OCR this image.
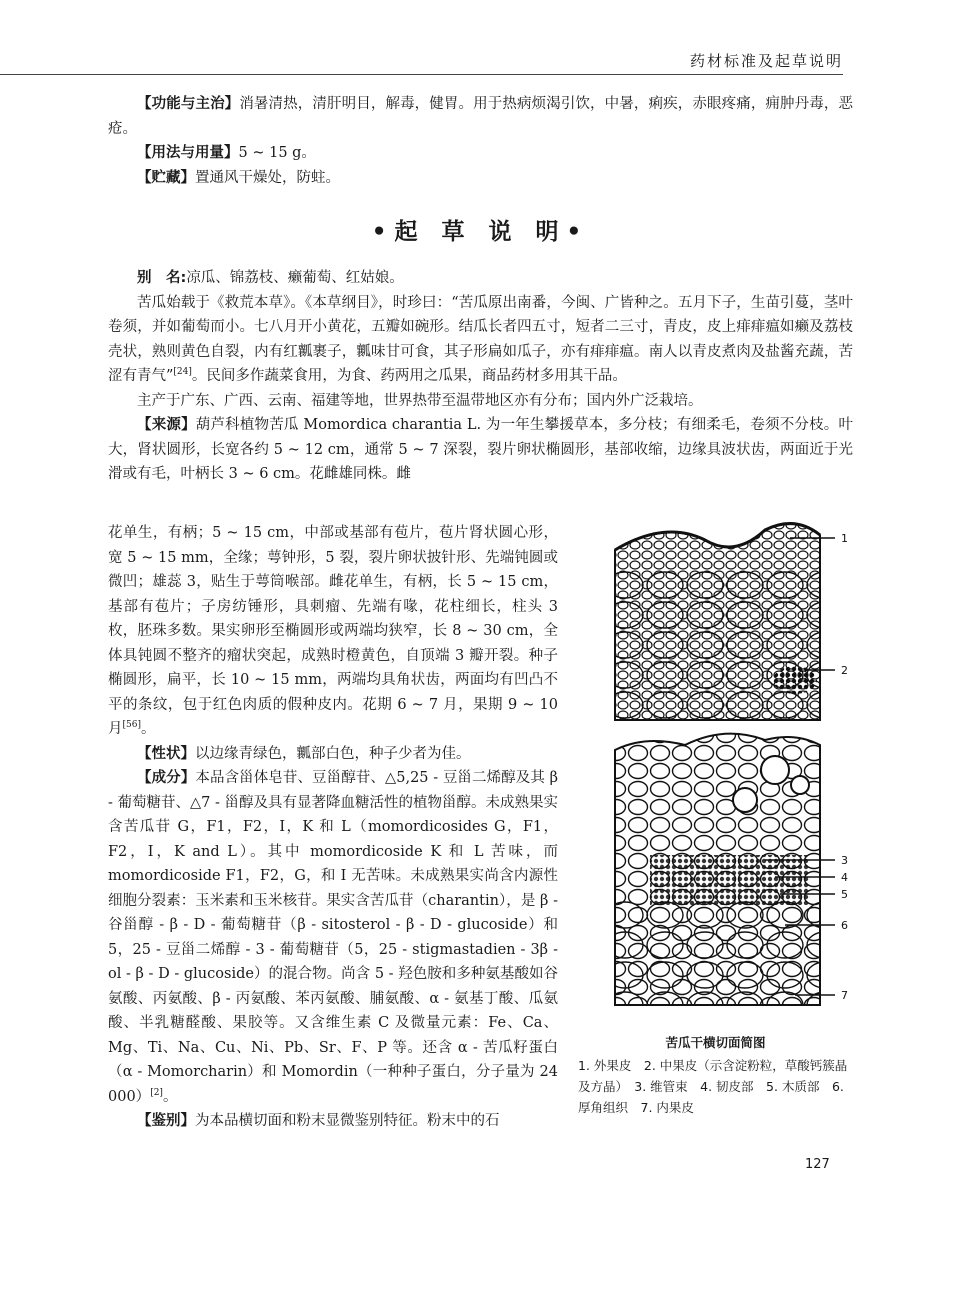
药材标准及起草说明

【功能与主治】消暑清热，清肝明目，解毒，健胃。用于热病烦渴引饮，中暑，痢疾，赤眼疼痛，痈肿丹毒，恶疮。

【用法与用量】5 ~ 15 g。

【贮藏】置通风干燥处，防蛀。

•起 草 说 明•

别　名:凉瓜、锦荔枝、癞葡萄、红姑娘。

苦瓜始载于《救荒本草》。《本草纲目》，时珍曰：“苦瓜原出南番，今闽、广皆种之。五月下子，生苗引蔓，茎叶卷须，并如葡萄而小。七八月开小黄花，五瓣如碗形。结瓜长者四五寸，短者二三寸，青皮，皮上痱痱瘟如癞及荔枝壳状，熟则黄色自裂，内有红瓤裹子，瓤味甘可食，其子形扁如瓜子，亦有痱痱瘟。南人以青皮煮肉及盐酱充蔬，苦涩有青气”[24]。民间多作蔬菜食用，为食、药两用之瓜果，商品药材多用其干品。

主产于广东、广西、云南、福建等地，世界热带至温带地区亦有分布；国内外广泛栽培。

【来源】葫芦科植物苦瓜 Momordica charantia L. 为一年生攀援草本，多分枝；有细柔毛，卷须不分枝。叶大，肾状圆形，长宽各约 5 ~ 12 cm，通常 5 ~ 7 深裂，裂片卵状椭圆形，基部收缩，边缘具波状齿，两面近于光滑或有毛，叶柄长 3 ~ 6 cm。花雌雄同株。雌

花单生，有柄；5 ~ 15 cm，中部或基部有苞片，苞片肾状圆心形，宽 5 ~ 15 mm，全缘；萼钟形，5 裂，裂片卵状披针形、先端钝圆或微凹；雄蕊 3，贴生于萼筒喉部。雌花单生，有柄，长 5 ~ 15 cm，基部有苞片；子房纺锤形，具刺瘤、先端有喙，花柱细长，柱头 3 枚，胚珠多数。果实卵形至椭圆形或两端均狭窄，长 8 ~ 30 cm，全体具钝圆不整齐的瘤状突起，成熟时橙黄色，自顶端 3 瓣开裂。种子椭圆形，扁平，长 10 ~ 15 mm，两端均具角状齿，两面均有凹凸不平的条纹，包于红色肉质的假种皮内。花期 6 ~ 7 月，果期 9 ~ 10 月[56]。

【性状】以边缘青绿色，瓤部白色，种子少者为佳。

【成分】本品含甾体皂苷、豆甾醇苷、△5,25 - 豆甾二烯醇及其 β - 葡萄糖苷、△7 - 甾醇及具有显著降血糖活性的植物甾醇。未成熟果实含苦瓜苷 G，F1，F2，I，K 和 L（momordicosides G，F1，F2，I，K and L）。其中 momordicoside K 和 L 苦味，而 momordicoside F1，F2，G，和 I 无苦味。未成熟果实尚含内源性细胞分裂素：玉米素和玉米核苷。果实含苦瓜苷（charantin），是 β - 谷甾醇 - β - D - 葡萄糖苷（β - sitosterol - β - D - glucoside）和 5，25 - 豆甾二烯醇 - 3 - 葡萄糖苷（5，25 - stigmastadien - 3β - ol - β - D - glucoside）的混合物。尚含 5 - 羟色胺和多种氨基酸如谷氨酸、丙氨酸、β - 丙氨酸、苯丙氨酸、脯氨酸、α - 氨基丁酸、瓜氨酸、半乳糖醛酸、果胶等。又含维生素 C 及微量元素：Fe、Ca、Mg、Ti、Na、Cu、Ni、Pb、Sr、F、P 等。还含 α - 苦瓜籽蛋白（α - Momorcharin）和 Momordin（一种种子蛋白，分子量为 24 000）[2]。

【鉴别】为本品横切面和粉末显微鉴别特征。粉末中的石

1
2
3
4
5
6
7
苦瓜干横切面简图
1. 外果皮　2. 中果皮（示含淀粉粒，草酸钙簇晶及方晶）　3. 维管束　4. 韧皮部　5. 木质部　6. 厚角组织　7. 内果皮
127
